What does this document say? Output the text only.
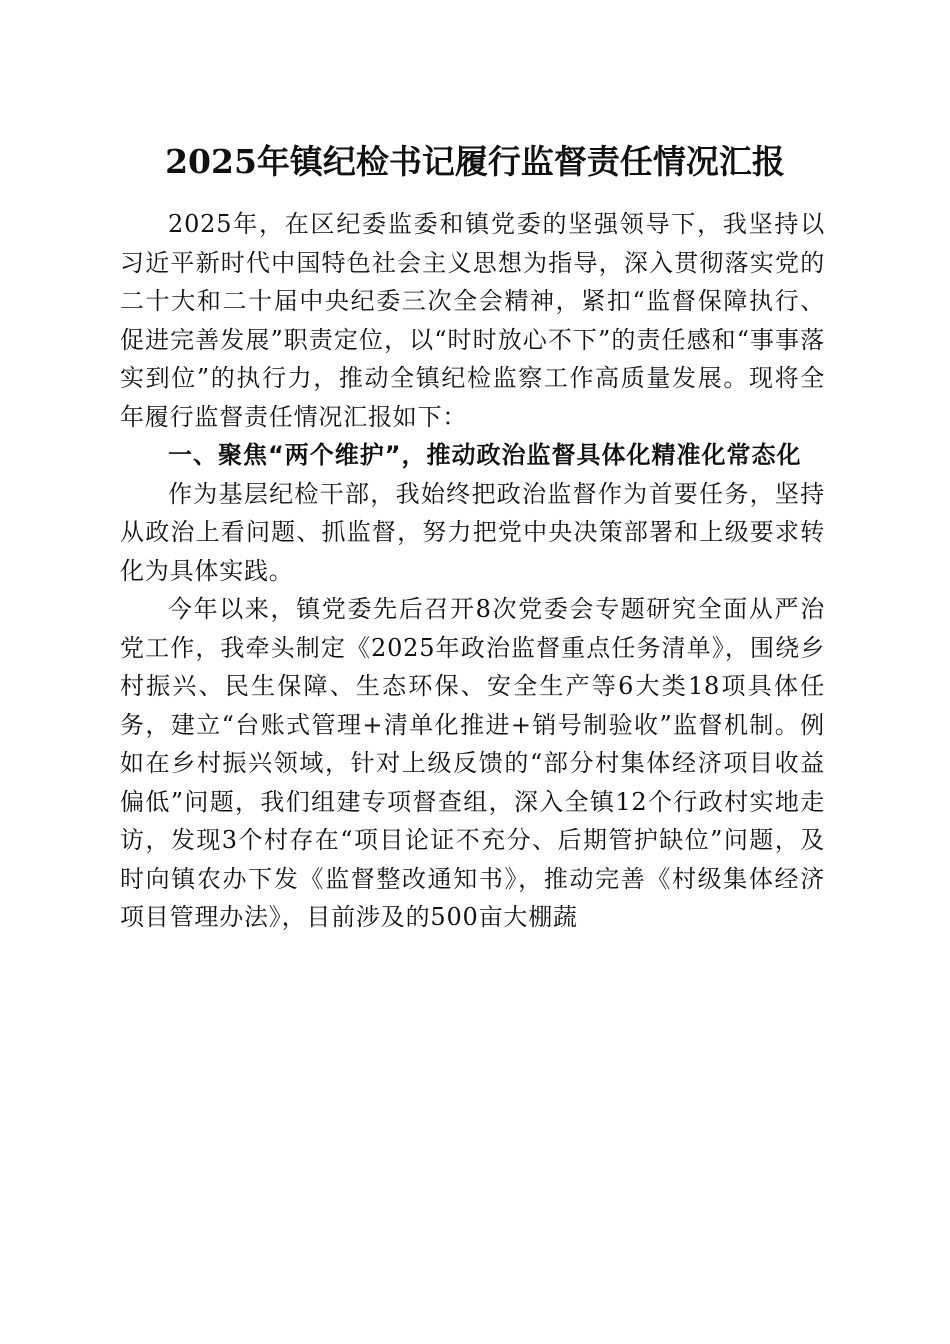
2025年镇纪检书记履行监督责任情况汇报

2025年，在区纪委监委和镇党委的坚强领导下，我坚持以习近平新时代中国特色社会主义思想为指导，深入贯彻落实党的二十大和二十届中央纪委三次全会精神，紧扣“监督保障执行、促进完善发展”职责定位，以“时时放心不下”的责任感和“事事落实到位”的执行力，推动全镇纪检监察工作高质量发展。现将全年履行监督责任情况汇报如下：

一、聚焦“两个维护”，推动政治监督具体化精准化常态化

作为基层纪检干部，我始终把政治监督作为首要任务，坚持从政治上看问题、抓监督，努力把党中央决策部署和上级要求转化为具体实践。

今年以来，镇党委先后召开8次党委会专题研究全面从严治党工作，我牵头制定《2025年政治监督重点任务清单》，围绕乡村振兴、民生保障、生态环保、安全生产等6大类18项具体任务，建立“台账式管理+清单化推进+销号制验收”监督机制。例如在乡村振兴领域，针对上级反馈的“部分村集体经济项目收益偏低”问题，我们组建专项督查组，深入全镇12个行政村实地走访，发现3个村存在“项目论证不充分、后期管护缺位”问题，及时向镇农办下发《监督整改通知书》，推动完善《村级集体经济项目管理办法》，目前涉及的500亩大棚蔬
